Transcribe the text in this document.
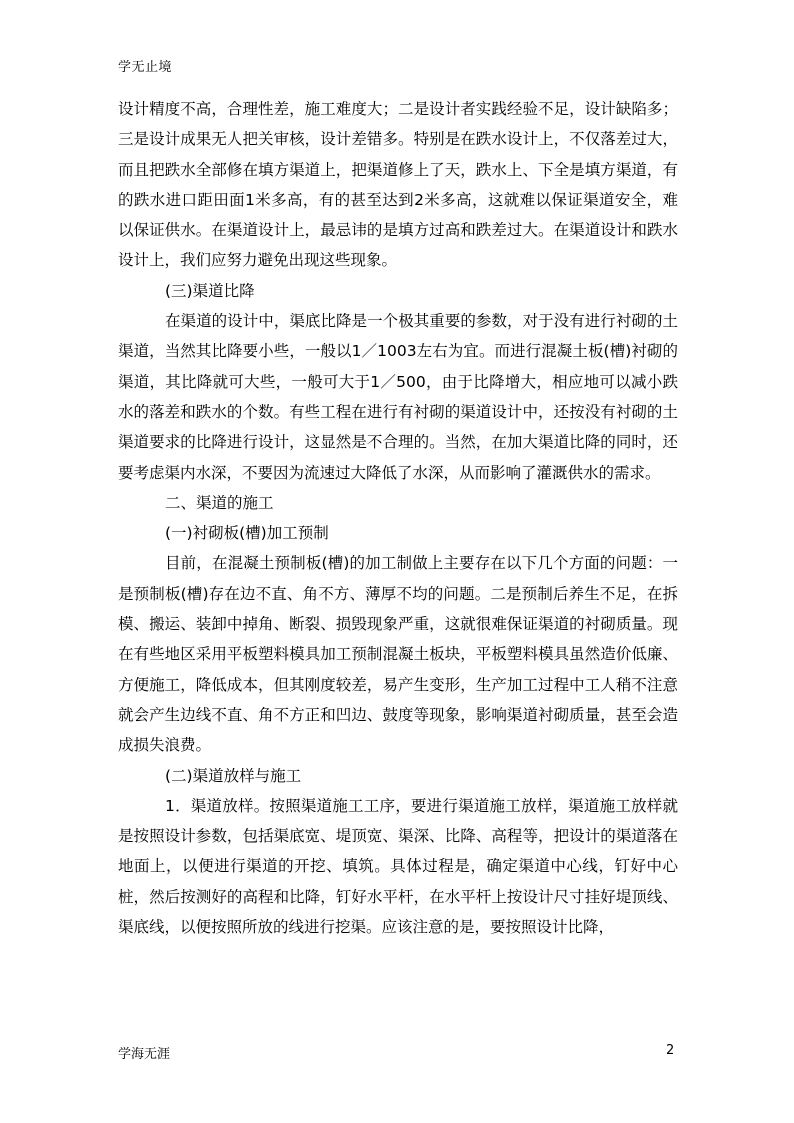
学无止境

设计精度不高，合理性差，施工难度大；二是设计者实践经验不足，设计缺陷多；三是设计成果无人把关审核，设计差错多。特别是在跌水设计上，不仅落差过大，而且把跌水全部修在填方渠道上，把渠道修上了天，跌水上、下全是填方渠道，有的跌水进口距田面1米多高，有的甚至达到2米多高，这就难以保证渠道安全，难以保证供水。在渠道设计上，最忌讳的是填方过高和跌差过大。在渠道设计和跌水设计上，我们应努力避免出现这些现象。

(三)渠道比降

在渠道的设计中，渠底比降是一个极其重要的参数，对于没有进行衬砌的土渠道，当然其比降要小些，一般以1／1003左右为宜。而进行混凝土板(槽)衬砌的渠道，其比降就可大些，一般可大于1／500，由于比降增大，相应地可以减小跌水的落差和跌水的个数。有些工程在进行有衬砌的渠道设计中，还按没有衬砌的土渠道要求的比降进行设计，这显然是不合理的。当然，在加大渠道比降的同时，还要考虑渠内水深，不要因为流速过大降低了水深，从而影响了灌溉供水的需求。

二、渠道的施工

(一)衬砌板(槽)加工预制

目前，在混凝土预制板(槽)的加工制做上主要存在以下几个方面的问题：一是预制板(槽)存在边不直、角不方、薄厚不均的问题。二是预制后养生不足，在拆模、搬运、装卸中掉角、断裂、损毁现象严重，这就很难保证渠道的衬砌质量。现在有些地区采用平板塑料模具加工预制混凝土板块，平板塑料模具虽然造价低廉、方便施工，降低成本，但其刚度较差，易产生变形，生产加工过程中工人稍不注意就会产生边线不直、角不方正和凹边、鼓度等现象，影响渠道衬砌质量，甚至会造成损失浪费。

(二)渠道放样与施工

1．渠道放样。按照渠道施工工序，要进行渠道施工放样，渠道施工放样就是按照设计参数，包括渠底宽、堤顶宽、渠深、比降、高程等，把设计的渠道落在地面上，以便进行渠道的开挖、填筑。具体过程是，确定渠道中心线，钉好中心桩，然后按测好的高程和比降，钉好水平杆，在水平杆上按设计尺寸挂好堤顶线、渠底线，以便按照所放的线进行挖渠。应该注意的是，要按照设计比降，

学海无涯	2
